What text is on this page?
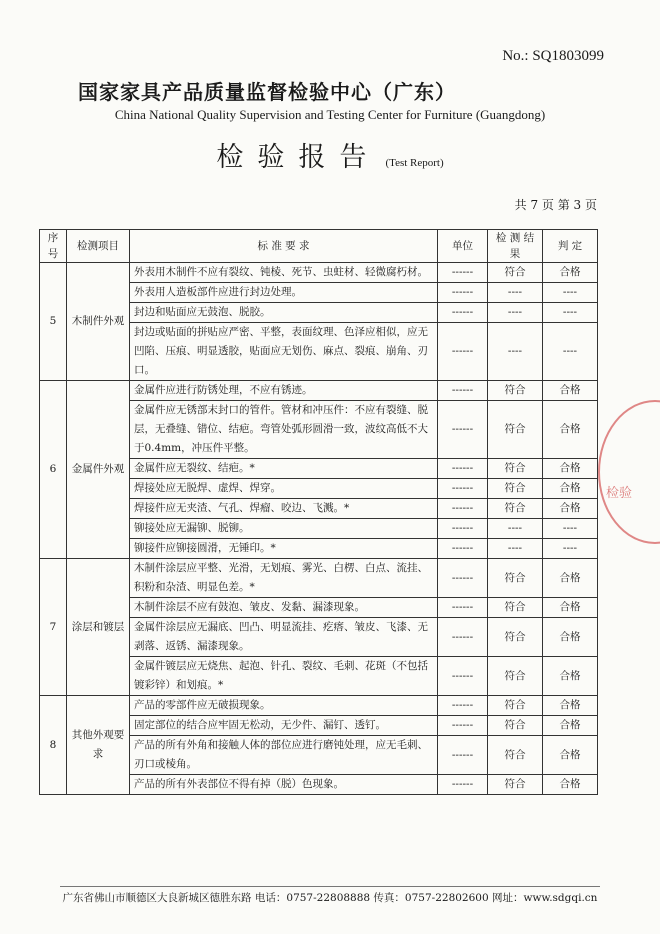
No.: SQ1803099
国家家具产品质量监督检验中心（广东）
China National Quality Supervision and Testing Center for Furniture (Guangdong)
检验报告 (Test Report)
共 7 页 第 3 页
序号	检测项目	标 准 要 求	单位	检 测 结 果	判 定
5	木制件外观	外表用木制件不应有裂纹、钝棱、死节、虫蛀材、轻微腐朽材。	------	符合	合格
		外表用人造板部件应进行封边处理。	------	----	----
		封边和贴面应无鼓泡、脱胶。	------	----	----
		封边或贴面的拼贴应严密、平整，表面纹理、色泽应相似，应无凹陷、压痕、明显透胶，贴面应无划伤、麻点、裂痕、崩角、刃口。	------	----	----
6	金属件外观	金属件应进行防锈处理，不应有锈迹。	------	符合	合格
		金属件应无锈部末封口的管件。管材和冲压件：不应有裂缝、脱层，无叠缝、错位、结疤。弯管处弧形圆滑一致，波纹高低不大于0.4mm，冲压件平整。	------	符合	合格
		金属件应无裂纹、结疤。*	------	符合	合格
		焊接处应无脱焊、虚焊、焊穿。	------	符合	合格
		焊接件应无夹渣、气孔、焊瘤、咬边、飞溅。*	------	符合	合格
		铆接处应无漏铆、脱铆。	------	----	----
		铆接件应铆接圆滑，无锤印。*	------	----	----
7	涂层和镀层	木制件涂层应平整、光滑，无划痕、雾光、白楞、白点、流挂、积粉和杂渣、明显色差。*	------	符合	合格
		木制件涂层不应有鼓泡、皱皮、发黏、漏漆现象。	------	符合	合格
		金属件涂层应无漏底、凹凸、明显流挂、疙瘩、皱皮、飞漆、无剥落、返锈、漏漆现象。	------	符合	合格
		金属件镀层应无烧焦、起泡、针孔、裂纹、毛刺、花斑（不包括镀彩锌）和划痕。*	------	符合	合格
8	其他外观要求	产品的零部件应无破损现象。	------	符合	合格
		固定部位的结合应牢固无松动，无少件、漏钉、透钉。	------	符合	合格
		产品的所有外角和接触人体的部位应进行磨钝处理，应无毛刺、刃口或棱角。	------	符合	合格
		产品的所有外表部位不得有掉（脱）色现象。	------	符合	合格
检验
广东省佛山市顺德区大良新城区德胜东路 电话：0757-22808888 传真：0757-22802600 网址：www.sdgqi.cn
